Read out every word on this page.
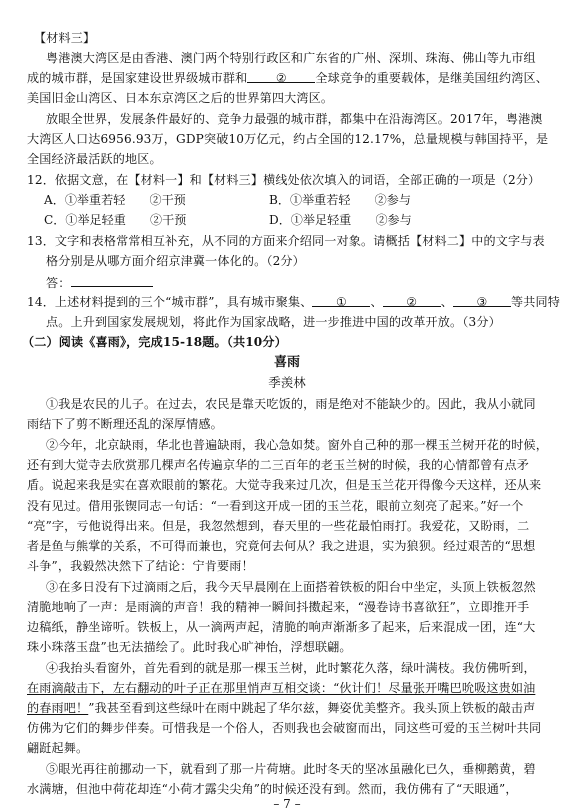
【材料三】
粤港澳大湾区是由香港、澳门两个特别行政区和广东省的广州、深圳、珠海、佛山等九市组
成的城市群，是国家建设世界级城市群和 ② 全球竞争的重要载体，是继美国纽约湾区、
美国旧金山湾区、日本东京湾区之后的世界第四大湾区。
放眼全世界，发展条件最好的、竞争力最强的城市群，都集中在沿海湾区。2017年，粤港澳
大湾区人口达6956.93万，GDP突破10万亿元，约占全国的12.17%，总量规模与韩国持平，是
全国经济最活跃的地区。
12．依据文意，在【材料一】和【材料三】横线处依次填入的词语，全部正确的一项是（2分）
A．①举重若轻　　②干预	B．①举重若轻　　②参与
C．①举足轻重　　②干预	D．①举足轻重　　②参与
13．文字和表格常常相互补充，从不同的方面来介绍同一对象。请概括【材料二】中的文字与表
格分别是从哪方面介绍京津冀一体化的。（2分）
答：
14．上述材料提到的三个“城市群”，具有城市聚集、 ① 、 ② 、 ③ 等共同特
点。上升到国家发展规划，将此作为国家战略，进一步推进中国的改革开放。（3分）
（二）阅读《喜雨》，完成15-18题。（共10分）
喜雨
季羡林
①我是农民的儿子。在过去，农民是靠天吃饭的，雨是绝对不能缺少的。因此，我从小就同
雨结下了剪不断理还乱的深厚情感。
②今年，北京缺雨，华北也普遍缺雨，我心急如焚。窗外自己种的那一棵玉兰树开花的时候，
还有到大觉寺去欣赏那几棵声名传遍京华的二三百年的老玉兰树的时候，我的心情都曾有点矛
盾。说起来我是实在喜欢眼前的繁花。大觉寺我来过几次，但是玉兰花开得像今天这样，还从来
没有见过。借用张锲同志一句话：“一看到这开成一团的玉兰花，眼前立刻亮了起来。”好一个
“亮”字，亏他说得出来。但是，我忽然想到，春天里的一些花最怕雨打。我爱花，又盼雨，二
者是鱼与熊掌的关系，不可得而兼也，究竟何去何从？我之进退，实为狼狈。经过艰苦的“思想
斗争”，我毅然决然下了结论：宁肯要雨！
③在多日没有下过滴雨之后，我今天早晨刚在上面搭着铁板的阳台中坐定，头顶上铁板忽然
清脆地响了一声：是雨滴的声音！我的精神一瞬间抖擞起来，“漫卷诗书喜欲狂”，立即推开手
边稿纸，静坐谛听。铁板上，从一滴两声起，清脆的响声渐渐多了起来，后来混成一团，连“大
珠小珠落玉盘”也无法描绘了。此时我心旷神怡，浮想联翩。
④我抬头看窗外，首先看到的就是那一棵玉兰树，此时繁花久落，绿叶满枝。我仿佛听到，
在雨滴敲击下，左右翻动的叶子正在那里悄声互相交谈：“伙计们！尽量张开嘴巴吮吸这贵如油
的春雨吧！”我甚至看到这些绿叶在雨中跳起了华尔兹，舞姿优美整齐。我头顶上铁板的敲击声
仿佛为它们的舞步伴奏。可惜我是一个俗人，否则我也会破窗而出，同这些可爱的玉兰树叶共同
翩跹起舞。
⑤眼光再往前挪动一下，就看到了那一片荷塘。此时冬天的坚冰虽融化已久，垂柳鹅黄，碧
水满塘，但池中荷花却连“小荷才露尖尖角”的时候还没有到。然而，我仿佛有了“天眼通”，
– 7 –
